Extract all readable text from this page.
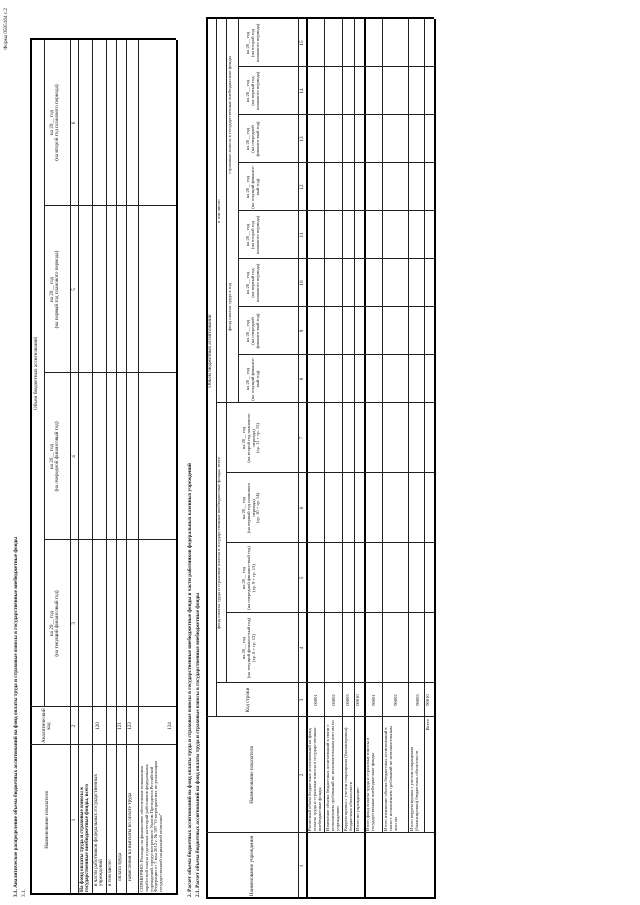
Форма 0505164 с.2
3.1. Аналитическое распределение объема бюджетных ассигнований на фонд оплаты труда и страховые взносы в государственные внебюджетные фонды 3.1.
Наименование показателя
Аналитический код
Объем бюджетных ассигнований
на 20__ год
(на текущий финансовый год)
на 20__ год
(на очередной финансовый год)
на 20__ год
(на первый год планового периода)
на 20__ год
(на второй год планового периода)
1
2
3
4
5
6
На фонд оплаты труда и страховые взносы в государственные внебюджетные фонды, всего в части работников федеральных государственных учреждений
120
в том числе: оплата труда
121
начисления на выплаты по оплате труда
123
СПРАВОЧНО: Расходы на финансовое обеспечение повышения заработной платы отдельных категорий работников федеральных учреждений, предусмотренного Указом Президента Российской Федерации от 7 мая 2012 г. № 597 "О мероприятиях по реализации государственной социальной политики"
124	2. Расчет объема бюджетных ассигнований на фонд оплаты труда и страховые взносы в государственные внебюджетные фонды в части работников федеральных казенных учреждений 2.1. Расчет объема бюджетных ассигнований на фонд оплаты труда и страховые взносы в государственные внебюджетные фонды	Наименование учреждения
Наименование показателя
Код строки
Объем бюджетных ассигнований
фонд оплаты труда и страховые взносы в государственные внебюджетные фонды, всего
в том числе:
фонд оплаты труда в год
страховые взносы в государственные внебюджетные фонды
на 20__ год
(на текущий финансо-вый год)
(гр. 8 + гр. 12)
на 20__ год
(на очередной финансо-вый год)
(гр. 9 + гр. 13)
на 20__ год
(на первый год планового периода)
(гр. 10 + гр. 14)
на 20__ год
(на второй год планового периода)
(гр. 11 + гр. 15)
на 20__ год
(на текущий финансо-вый год)
на 20__ год
(на очередной финансо-вый год)
на 20__ год
(на первый год планового периода)
на 20__ год
(на второй год планового периода)
на 20__ год
(на текущий финансо-вый год)
на 20__ год
(на очередной финансо-вый год)
на 20__ год
(на первый год планового периода)
на 20__ год
(на второй год планового периода)
1
2
3
4
5
6
7
8
9
10
11
12
13
14
15
Расчетный объем бюджетных ассигнований на фонд оплаты труда и страховые взносы в государственные внебюджетные фонды
00001
Изменение объема бюджетных ассигнований в связи с исполнением требований по исполнительным листам по учреждению
00002
Корректировка с учетом сокращения (балансировки) бюджетных обязательств
00003
Итого по учреждению
00010
Итого фонд оплаты труда и страховые взносы в государственные внебюджетные фонды
90001
Итого изменение объема бюджетных ассигнований в связи с исполнением требований по исполнительным листам
90002
Итого корректировка с учетом сокращения (балансировки) бюджетных обязательств
90003
Всего
90010
